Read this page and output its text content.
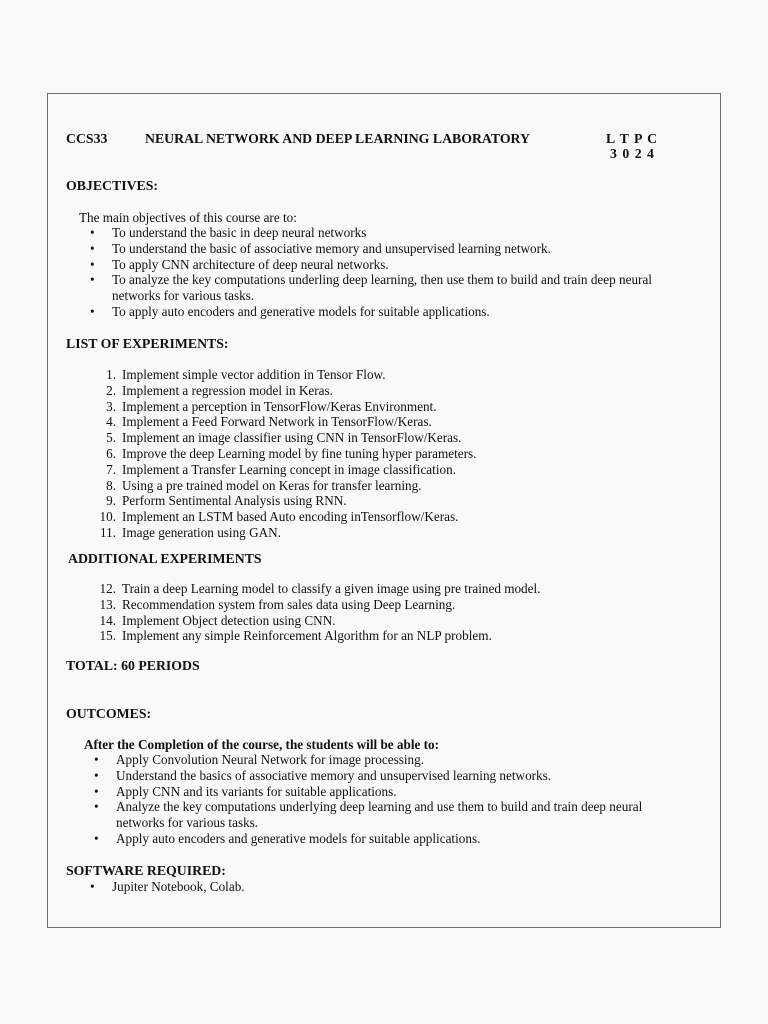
CCS33	NEURAL NETWORK AND DEEP LEARNING LABORATORY	L T P C
3 0 2 4
OBJECTIVES:
The main objectives of this course are to:
• To understand the basic in deep neural networks
• To understand the basic of associative memory and unsupervised learning network.
• To apply CNN architecture of deep neural networks.
• To analyze the key computations underling deep learning, then use them to build and train deep neural
networks for various tasks.
• To apply auto encoders and generative models for suitable applications.
LIST OF EXPERIMENTS:
1. Implement simple vector addition in Tensor Flow.
2. Implement a regression model in Keras.
3. Implement a perception in TensorFlow/Keras Environment.
4. Implement a Feed Forward Network in TensorFlow/Keras.
5. Implement an image classifier using CNN in TensorFlow/Keras.
6. Improve the deep Learning model by fine tuning hyper parameters.
7. Implement a Transfer Learning concept in image classification.
8. Using a pre trained model on Keras for transfer learning.
9. Perform Sentimental Analysis using RNN.
10. Implement an LSTM based Auto encoding inTensorflow/Keras.
11. Image generation using GAN.
ADDITIONAL EXPERIMENTS
12. Train a deep Learning model to classify a given image using pre trained model.
13. Recommendation system from sales data using Deep Learning.
14. Implement Object detection using CNN.
15. Implement any simple Reinforcement Algorithm for an NLP problem.
TOTAL: 60 PERIODS
OUTCOMES:
After the Completion of the course, the students will be able to:
• Apply Convolution Neural Network for image processing.
• Understand the basics of associative memory and unsupervised learning networks.
• Apply CNN and its variants for suitable applications.
• Analyze the key computations underlying deep learning and use them to build and train deep neural
networks for various tasks.
• Apply auto encoders and generative models for suitable applications.
SOFTWARE REQUIRED:
• Jupiter Notebook, Colab.
